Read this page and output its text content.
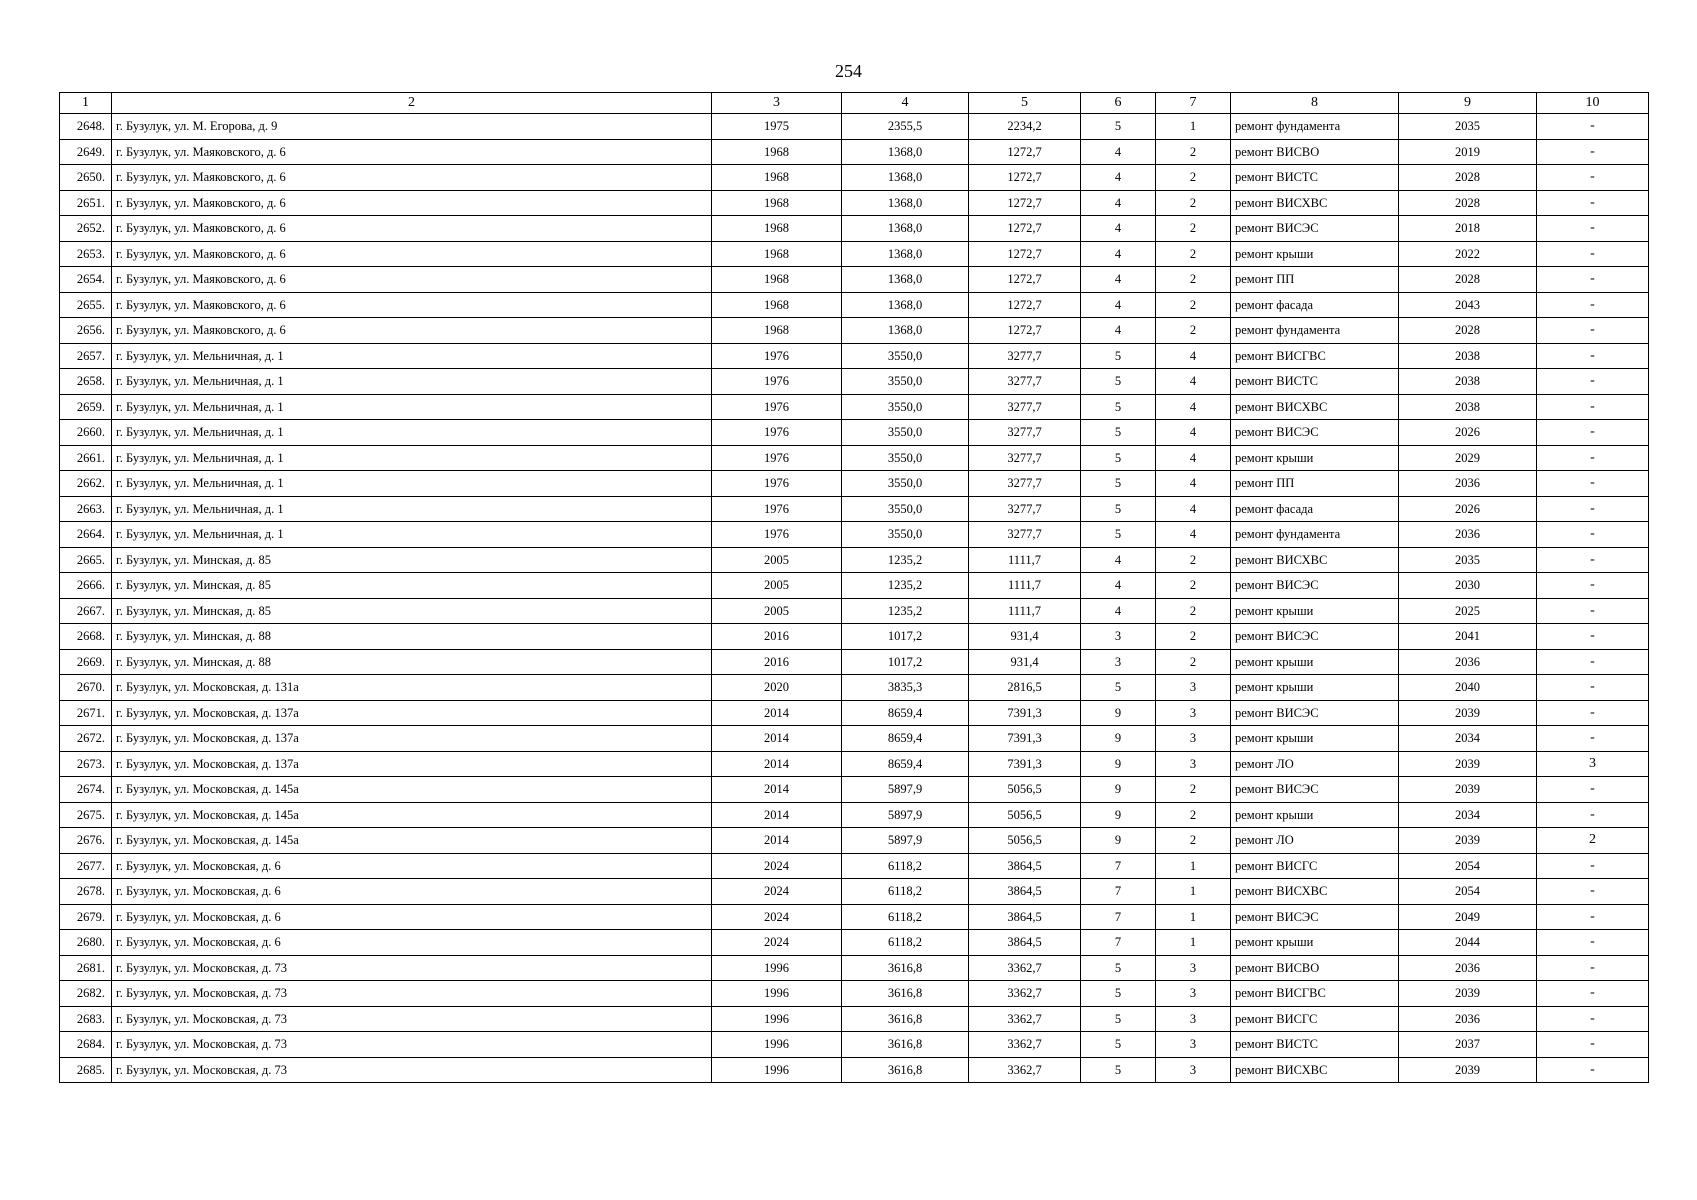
254
1	2	3	4	5	6	7	8	9	10
2648.	г. Бузулук, ул. М. Егорова, д. 9	1975	2355,5	2234,2	5	1	ремонт фундамента	2035	-
2649.	г. Бузулук, ул. Маяковского, д. 6	1968	1368,0	1272,7	4	2	ремонт ВИСВО	2019	-
2650.	г. Бузулук, ул. Маяковского, д. 6	1968	1368,0	1272,7	4	2	ремонт ВИСТС	2028	-
2651.	г. Бузулук, ул. Маяковского, д. 6	1968	1368,0	1272,7	4	2	ремонт ВИСХВС	2028	-
2652.	г. Бузулук, ул. Маяковского, д. 6	1968	1368,0	1272,7	4	2	ремонт ВИСЭС	2018	-
2653.	г. Бузулук, ул. Маяковского, д. 6	1968	1368,0	1272,7	4	2	ремонт крыши	2022	-
2654.	г. Бузулук, ул. Маяковского, д. 6	1968	1368,0	1272,7	4	2	ремонт ПП	2028	-
2655.	г. Бузулук, ул. Маяковского, д. 6	1968	1368,0	1272,7	4	2	ремонт фасада	2043	-
2656.	г. Бузулук, ул. Маяковского, д. 6	1968	1368,0	1272,7	4	2	ремонт фундамента	2028	-
2657.	г. Бузулук, ул. Мельничная, д. 1	1976	3550,0	3277,7	5	4	ремонт ВИСГВС	2038	-
2658.	г. Бузулук, ул. Мельничная, д. 1	1976	3550,0	3277,7	5	4	ремонт ВИСТС	2038	-
2659.	г. Бузулук, ул. Мельничная, д. 1	1976	3550,0	3277,7	5	4	ремонт ВИСХВС	2038	-
2660.	г. Бузулук, ул. Мельничная, д. 1	1976	3550,0	3277,7	5	4	ремонт ВИСЭС	2026	-
2661.	г. Бузулук, ул. Мельничная, д. 1	1976	3550,0	3277,7	5	4	ремонт крыши	2029	-
2662.	г. Бузулук, ул. Мельничная, д. 1	1976	3550,0	3277,7	5	4	ремонт ПП	2036	-
2663.	г. Бузулук, ул. Мельничная, д. 1	1976	3550,0	3277,7	5	4	ремонт фасада	2026	-
2664.	г. Бузулук, ул. Мельничная, д. 1	1976	3550,0	3277,7	5	4	ремонт фундамента	2036	-
2665.	г. Бузулук, ул. Минская, д. 85	2005	1235,2	1111,7	4	2	ремонт ВИСХВС	2035	-
2666.	г. Бузулук, ул. Минская, д. 85	2005	1235,2	1111,7	4	2	ремонт ВИСЭС	2030	-
2667.	г. Бузулук, ул. Минская, д. 85	2005	1235,2	1111,7	4	2	ремонт крыши	2025	-
2668.	г. Бузулук, ул. Минская, д. 88	2016	1017,2	931,4	3	2	ремонт ВИСЭС	2041	-
2669.	г. Бузулук, ул. Минская, д. 88	2016	1017,2	931,4	3	2	ремонт крыши	2036	-
2670.	г. Бузулук, ул. Московская, д. 131а	2020	3835,3	2816,5	5	3	ремонт крыши	2040	-
2671.	г. Бузулук, ул. Московская, д. 137а	2014	8659,4	7391,3	9	3	ремонт ВИСЭС	2039	-
2672.	г. Бузулук, ул. Московская, д. 137а	2014	8659,4	7391,3	9	3	ремонт крыши	2034	-
2673.	г. Бузулук, ул. Московская, д. 137а	2014	8659,4	7391,3	9	3	ремонт ЛО	2039	3
2674.	г. Бузулук, ул. Московская, д. 145а	2014	5897,9	5056,5	9	2	ремонт ВИСЭС	2039	-
2675.	г. Бузулук, ул. Московская, д. 145а	2014	5897,9	5056,5	9	2	ремонт крыши	2034	-
2676.	г. Бузулук, ул. Московская, д. 145а	2014	5897,9	5056,5	9	2	ремонт ЛО	2039	2
2677.	г. Бузулук, ул. Московская, д. 6	2024	6118,2	3864,5	7	1	ремонт ВИСГС	2054	-
2678.	г. Бузулук, ул. Московская, д. 6	2024	6118,2	3864,5	7	1	ремонт ВИСХВС	2054	-
2679.	г. Бузулук, ул. Московская, д. 6	2024	6118,2	3864,5	7	1	ремонт ВИСЭС	2049	-
2680.	г. Бузулук, ул. Московская, д. 6	2024	6118,2	3864,5	7	1	ремонт крыши	2044	-
2681.	г. Бузулук, ул. Московская, д. 73	1996	3616,8	3362,7	5	3	ремонт ВИСВО	2036	-
2682.	г. Бузулук, ул. Московская, д. 73	1996	3616,8	3362,7	5	3	ремонт ВИСГВС	2039	-
2683.	г. Бузулук, ул. Московская, д. 73	1996	3616,8	3362,7	5	3	ремонт ВИСГС	2036	-
2684.	г. Бузулук, ул. Московская, д. 73	1996	3616,8	3362,7	5	3	ремонт ВИСТС	2037	-
2685.	г. Бузулук, ул. Московская, д. 73	1996	3616,8	3362,7	5	3	ремонт ВИСХВС	2039	-
